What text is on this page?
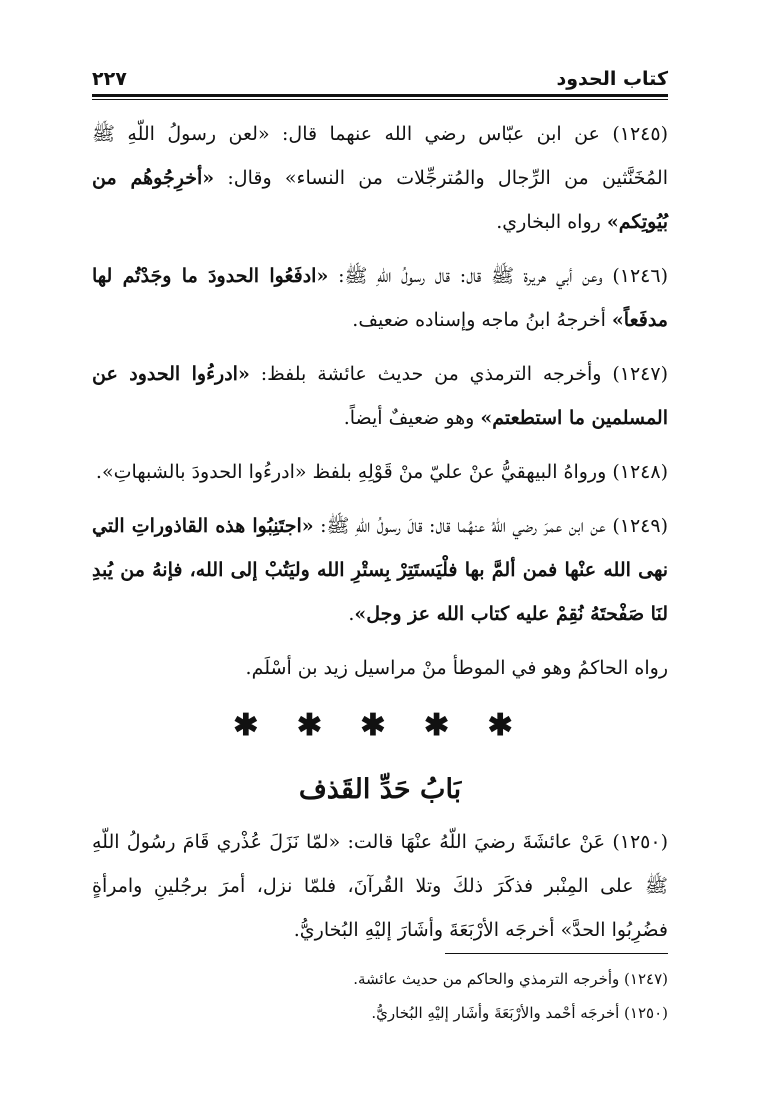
كتاب الحدود
٢٢٧

(١٢٤٥) عن ابن عبّاس رضي الله عنهما قال: «لعن رسولُ اللّهِ ﷺ المُخَنَّثين من الرِّجال والمُترجِّلات من النساء» وقال: «أخرِجُوهُم من بُيُوتِكم» رواه البخاري.

(١٢٤٦) وعن أبي هريرة ﷺ قال: قال رسولُ اللّهِ ﷺ: «ادفَعُوا الحدودَ ما وجَدْتُم لها مدفَعاً» أخرجهُ ابنُ ماجه وإسناده ضعيف.

(١٢٤٧) وأخرجه الترمذي من حديث عائشة بلفظ: «ادرءُوا الحدود عن المسلمين ما استطعتم» وهو ضعيفٌ أيضاً.

(١٢٤٨) ورواهُ البيهقيُّ عنْ عليّ منْ قَوْلِهِ بلفظ «ادرءُوا الحدودَ بالشبهاتِ».

(١٢٤٩) عن ابن عمرَ رضي اللّهُ عنهُما قال: قالَ رسولُ اللّهِ ﷺ: «اجتَنِبُوا هذه القاذوراتِ التي نهى الله عنْها فمن ألمَّ بها فلْيَستَتِرْ بِستْرِ الله وليَتُبْ إلى الله، فإنهُ من يُبدِ لنَا صَفْحتَهُ نُقِمْ عليه كتاب الله عز وجل».

رواه الحاكمُ وهو في الموطأ منْ مراسيل زيد بن أسْلَم.

✱ ✱ ✱ ✱ ✱
بَابُ حَدِّ القَذف

(١٢٥٠) عَنْ عائشَةَ رضيَ اللّهُ عنْهَا قالت: «لمّا نَزَلَ عُذْري قَامَ رسُولُ اللّهِ ﷺ على المِنْبر فذكَرَ ذلكَ وتلا القُرآنَ، فلمّا نزل، أمرَ برجُلينِ وامرأةٍ فضُرِبُوا الحدَّ» أخرجَه الأرْبَعَةَ وأشَارَ إليْهِ البُخاريُّ.

(١٢٤٧) وأخرجه الترمذي والحاكم من حديث عائشة.

(١٢٥٠) أخرجَه أحْمد والأرْبَعَةَ وأشَار إليْهِ البُخاريُّ.
